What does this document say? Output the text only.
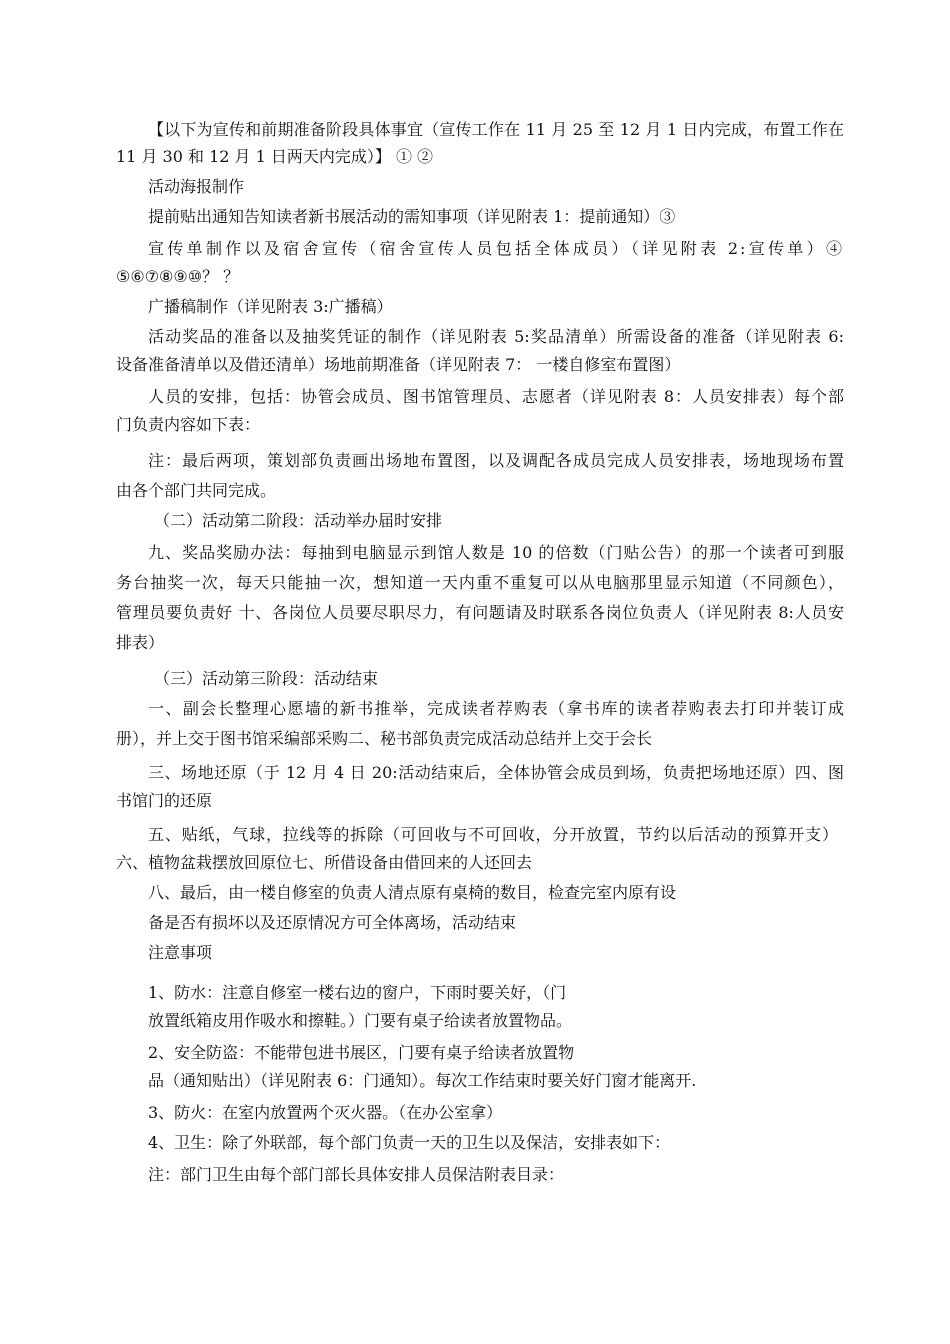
【以下为宣传和前期准备阶段具体事宜（宣传工作在 11 月 25 至 12 月 1 日内完成，布置工作在
11 月 30 和 12 月 1 日两天内完成）】 ① ②
活动海报制作
提前贴出通知告知读者新书展活动的需知事项（详见附表 1：提前通知）③
宣传单制作以及宿舍宣传（宿舍宣传人员包括全体成员）（详见附表 2:宣传单）④
⑤⑥⑦⑧⑨⑩？ ？
广播稿制作（详见附表 3:广播稿）
活动奖品的准备以及抽奖凭证的制作（详见附表 5:奖品清单）所需设备的准备（详见附表 6:
设备准备清单以及借还清单）场地前期准备（详见附表 7： 一楼自修室布置图）
人员的安排，包括：协管会成员、图书馆管理员、志愿者（详见附表 8：人员安排表）每个部
门负责内容如下表：
注：最后两项，策划部负责画出场地布置图，以及调配各成员完成人员安排表，场地现场布置
由各个部门共同完成。
（二）活动第二阶段：活动举办届时安排
九、奖品奖励办法：每抽到电脑显示到馆人数是 10 的倍数（门贴公告）的那一个读者可到服
务台抽奖一次，每天只能抽一次，想知道一天内重不重复可以从电脑那里显示知道（不同颜色），
管理员要负责好 十、各岗位人员要尽职尽力，有问题请及时联系各岗位负责人（详见附表 8:人员安
排表）
（三）活动第三阶段：活动结束
一、副会长整理心愿墙的新书推举，完成读者荐购表（拿书库的读者荐购表去打印并装订成
册），并上交于图书馆采编部采购二、秘书部负责完成活动总结并上交于会长
三、场地还原（于 12 月 4 日 20:活动结束后，全体协管会成员到场，负责把场地还原）四、图
书馆门的还原
五、贴纸，气球，拉线等的拆除（可回收与不可回收，分开放置，节约以后活动的预算开支）
六、植物盆栽摆放回原位七、所借设备由借回来的人还回去
八、最后，由一楼自修室的负责人清点原有桌椅的数目，检查完室内原有设
备是否有损坏以及还原情况方可全体离场，活动结束
注意事项
1、防水：注意自修室一楼右边的窗户，下雨时要关好，（门
放置纸箱皮用作吸水和擦鞋。）门要有桌子给读者放置物品。
2、安全防盗：不能带包进书展区，门要有桌子给读者放置物
品（通知贴出）（详见附表 6：门通知）。每次工作结束时要关好门窗才能离开.
3、防火：在室内放置两个灭火器。（在办公室拿）
4、卫生：除了外联部，每个部门负责一天的卫生以及保洁，安排表如下：
注：部门卫生由每个部门部长具体安排人员保洁附表目录：
